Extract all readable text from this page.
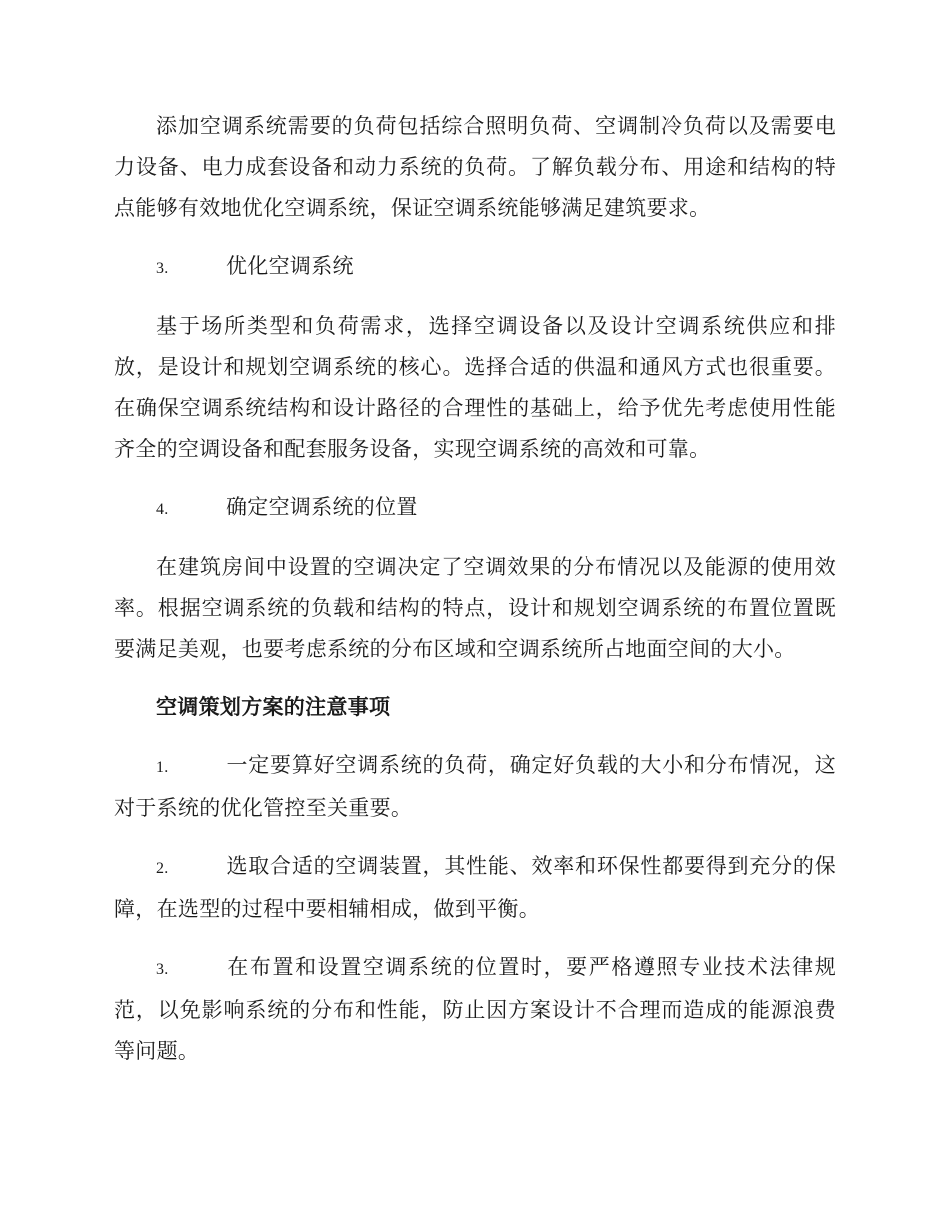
添加空调系统需要的负荷包括综合照明负荷、空调制冷负荷以及需要电力设备、电力成套设备和动力系统的负荷。了解负载分布、用途和结构的特点能够有效地优化空调系统，保证空调系统能够满足建筑要求。

3.	优化空调系统

基于场所类型和负荷需求，选择空调设备以及设计空调系统供应和排放，是设计和规划空调系统的核心。选择合适的供温和通风方式也很重要。在确保空调系统结构和设计路径的合理性的基础上，给予优先考虑使用性能齐全的空调设备和配套服务设备，实现空调系统的高效和可靠。

4.	确定空调系统的位置

在建筑房间中设置的空调决定了空调效果的分布情况以及能源的使用效率。根据空调系统的负载和结构的特点，设计和规划空调系统的布置位置既要满足美观，也要考虑系统的分布区域和空调系统所占地面空间的大小。

空调策划方案的注意事项

1.	一定要算好空调系统的负荷，确定好负载的大小和分布情况，这对于系统的优化管控至关重要。

2.	选取合适的空调装置，其性能、效率和环保性都要得到充分的保障，在选型的过程中要相辅相成，做到平衡。

3.	在布置和设置空调系统的位置时，要严格遵照专业技术法律规范，以免影响系统的分布和性能，防止因方案设计不合理而造成的能源浪费等问题。
